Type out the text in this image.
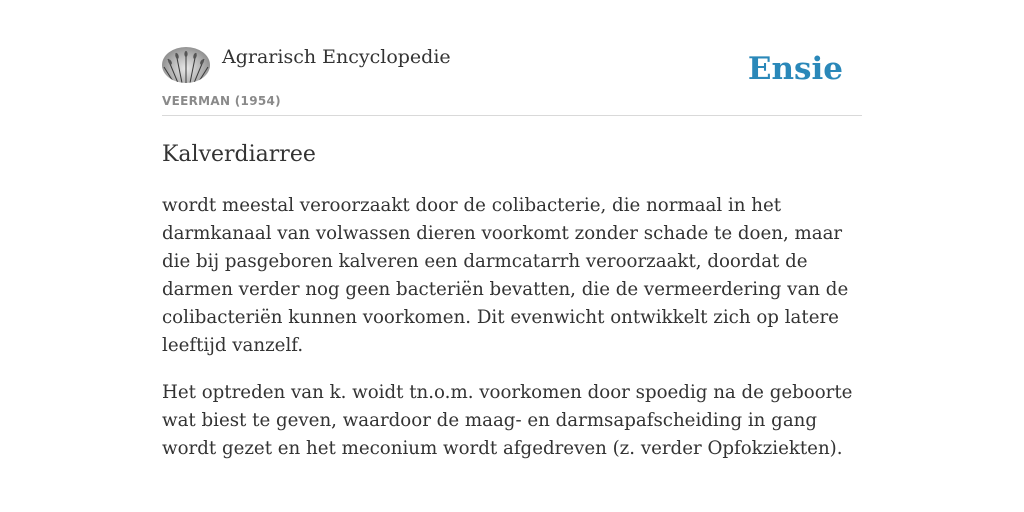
Agrarisch Encyclopedie
VEERMAN (1954)
Ensie
Kalverdiarree

wordt meestal veroorzaakt door de colibacterie, die normaal in het darmkanaal van volwassen dieren voorkomt zonder schade te doen, maar die bij pasgeboren kalveren een darmcatarrh veroorzaakt, doordat de darmen verder nog geen bacteriën bevatten, die de vermeerdering van de colibacteriën kunnen voorkomen. Dit evenwicht ontwikkelt zich op latere leeftijd vanzelf.

Het optreden van k. woidt tn.o.m. voorkomen door spoedig na de geboorte wat biest te geven, waardoor de maag- en darmsapafscheiding in gang wordt gezet en het meconium wordt afgedreven (z. verder Opfokziekten).
